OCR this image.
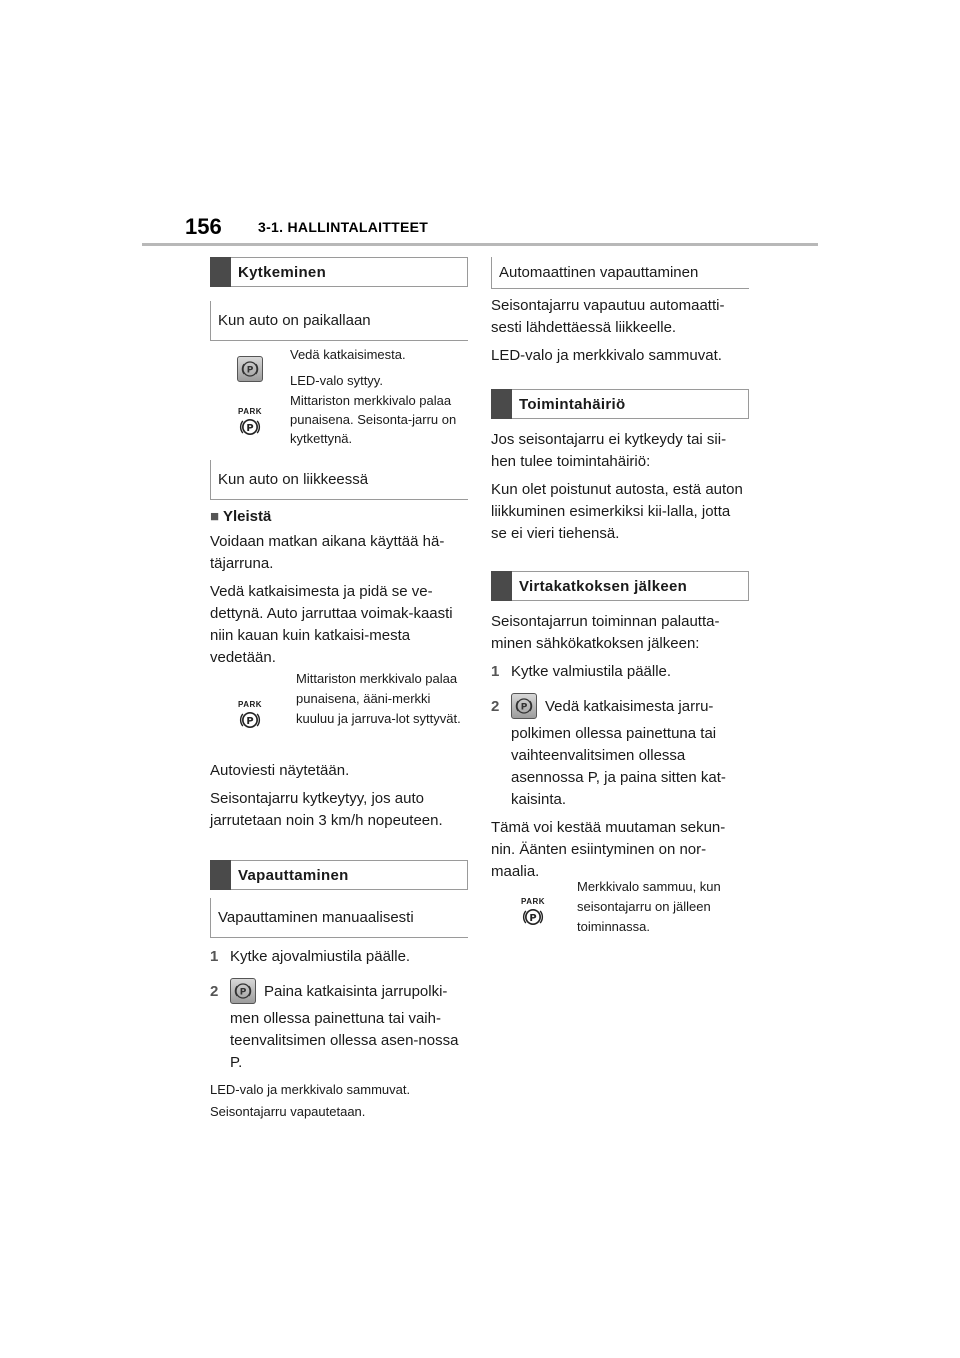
156	3-1. HALLINTALAITTEET
Kytkeminen
Kun auto on paikallaan
P
PARK
P

Vedä katkaisimesta.

LED-valo syttyy.

Mittariston merkkivalo palaa punaisena. Seisonta-jarru on kytkettynä.

Kun auto on liikkeessä
■ Yleistä

Voidaan matkan aikana käyttää hä-täjarruna.

Vedä katkaisimesta ja pidä se ve-dettynä. Auto jarruttaa voimak-kaasti niin kauan kuin katkaisi-mesta vedetään.

PARK
P

Mittariston merkkivalo palaa punaisena, ääni-merkki kuuluu ja jarruva-lot syttyvät.

Autoviesti näytetään.

Seisontajarru kytkeytyy, jos auto jarrutetaan noin 3 km/h nopeuteen.

Vapauttaminen
Vapauttaminen manuaalisesti

1 Kytke ajovalmiustila päälle.

2	P Paina katkaisinta jarrupolki-

men ollessa painettuna tai vaih-teenvalitsimen ollessa asen-nossa P.

LED-valo ja merkkivalo sammuvat.

Seisontajarru vapautetaan.

Automaattinen vapauttaminen

Seisontajarru vapautuu automaatti-sesti lähdettäessä liikkeelle.

LED-valo ja merkkivalo sammuvat.

Toimintahäiriö

Jos seisontajarru ei kytkeydy tai sii-hen tulee toimintahäiriö:

Kun olet poistunut autosta, estä auton liikkuminen esimerkiksi kii-lalla, jotta se ei vieri tiehensä.

Virtakatkoksen jälkeen

Seisontajarrun toiminnan palautta-minen sähkökatkoksen jälkeen:

1 Kytke valmiustila päälle.

2	P Vedä katkaisimesta jarru-

polkimen ollessa painettuna tai vaihteenvalitsimen ollessa asennossa P, ja paina sitten kat-kaisinta.

Tämä voi kestää muutaman sekun-nin. Äänten esiintyminen on nor-maalia.

PARK
P

Merkkivalo sammuu, kun seisontajarru on jälleen toiminnassa.
